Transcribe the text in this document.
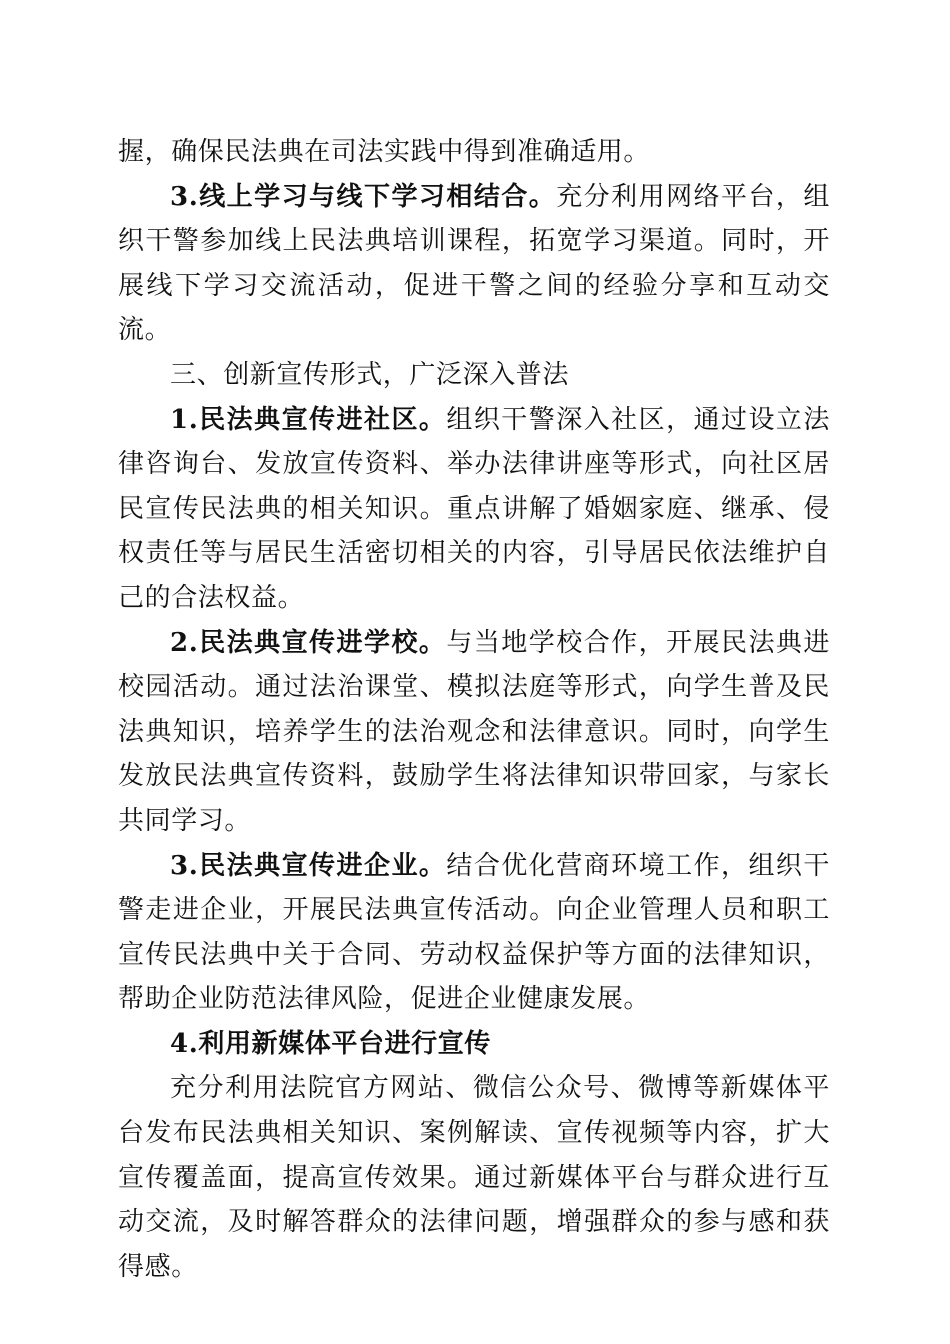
握，确保民法典在司法实践中得到准确适用。

3.线上学习与线下学习相结合。充分利用网络平台，组织干警参加线上民法典培训课程，拓宽学习渠道。同时，开展线下学习交流活动，促进干警之间的经验分享和互动交流。

三、创新宣传形式，广泛深入普法

1.民法典宣传进社区。组织干警深入社区，通过设立法律咨询台、发放宣传资料、举办法律讲座等形式，向社区居民宣传民法典的相关知识。重点讲解了婚姻家庭、继承、侵权责任等与居民生活密切相关的内容，引导居民依法维护自己的合法权益。

2.民法典宣传进学校。与当地学校合作，开展民法典进校园活动。通过法治课堂、模拟法庭等形式，向学生普及民法典知识，培养学生的法治观念和法律意识。同时，向学生发放民法典宣传资料，鼓励学生将法律知识带回家，与家长共同学习。

3.民法典宣传进企业。结合优化营商环境工作，组织干警走进企业，开展民法典宣传活动。向企业管理人员和职工宣传民法典中关于合同、劳动权益保护等方面的法律知识，帮助企业防范法律风险，促进企业健康发展。

4.利用新媒体平台进行宣传

充分利用法院官方网站、微信公众号、微博等新媒体平台发布民法典相关知识、案例解读、宣传视频等内容，扩大宣传覆盖面，提高宣传效果。通过新媒体平台与群众进行互动交流，及时解答群众的法律问题，增强群众的参与感和获得感。
